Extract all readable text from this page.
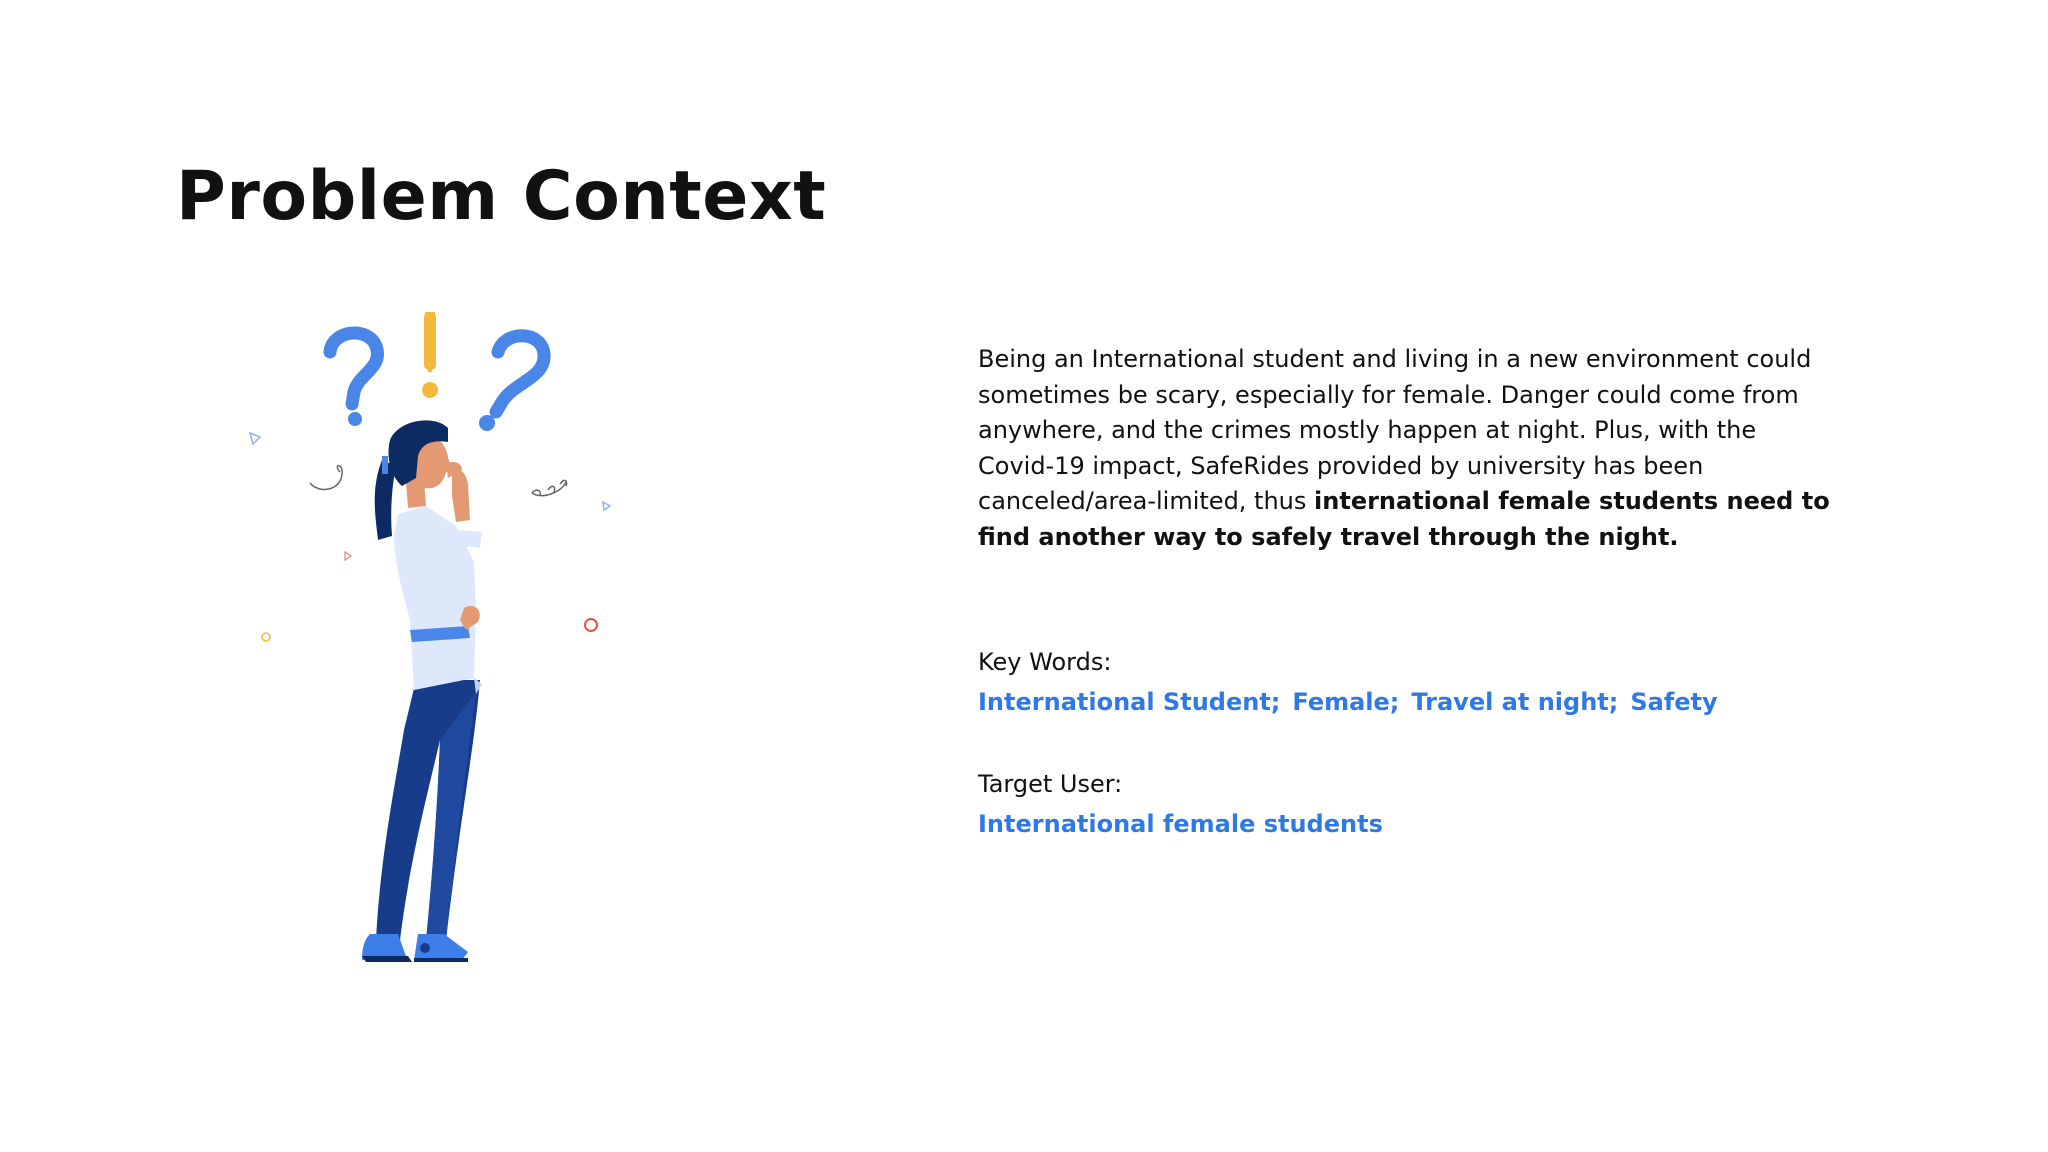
Problem Context

Being an International student and living in a new environment could sometimes be scary, especially for female. Danger could come from anywhere, and the crimes mostly happen at night. Plus, with the Covid-19 impact, SafeRides provided by university has been canceled/area-limited, thus international female students need to find another way to safely travel through the night.

Key Words:

International Student; Female; Travel at night; Safety

Target User:

International female students
